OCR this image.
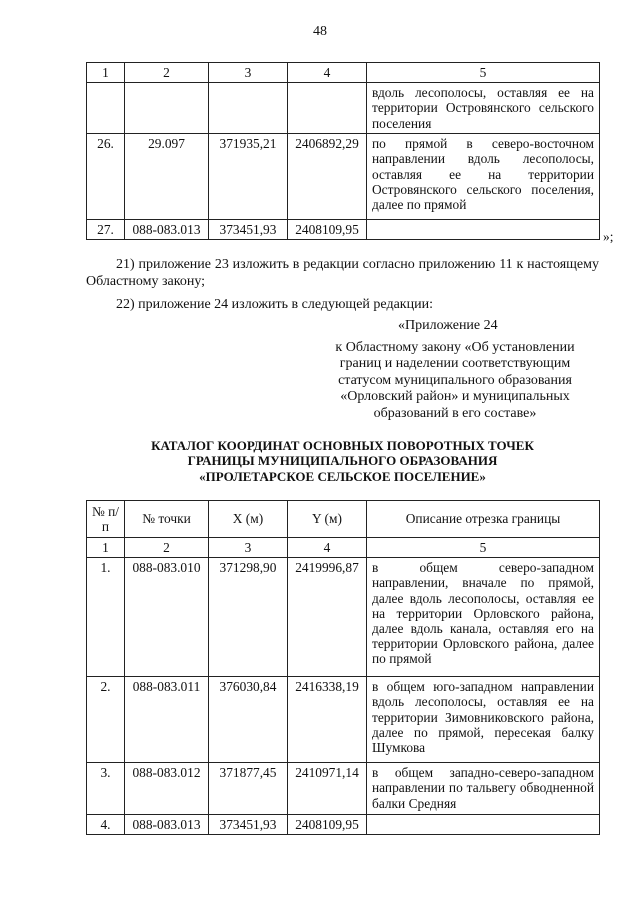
48
1	2	3	4	5
				вдоль лесополосы, оставляя ее на территории Островянского сельского поселения
26.	29.097	371935,21	2406892,29	по прямой в северо-восточном направлении вдоль лесополосы, оставляя ее на территории Островянского сельского поселения, далее по прямой
27.	088-083.013	373451,93	2408109,95		»;
21) приложение 23 изложить в редакции согласно приложению 11 к настоящему Областному закону;
22) приложение 24 изложить в следующей редакции:
«Приложение 24
к Областному закону «Об установлении
границ и наделении соответствующим
статусом муниципального образования
«Орловский район» и муниципальных
образований в его составе»
КАТАЛОГ КООРДИНАТ ОСНОВНЫХ ПОВОРОТНЫХ ТОЧЕК
ГРАНИЦЫ МУНИЦИПАЛЬНОГО ОБРАЗОВАНИЯ
«ПРОЛЕТАРСКОЕ СЕЛЬСКОЕ ПОСЕЛЕНИЕ»
№ п/п	№ точки	X (м)	Y (м)	Описание отрезка границы
1	2	3	4	5
1.	088-083.010	371298,90	2419996,87	в общем северо-западном направлении, вначале по прямой, далее вдоль лесополосы, оставляя ее на территории Орловского района, далее вдоль канала, оставляя его на территории Орловского района, далее по прямой
2.	088-083.011	376030,84	2416338,19	в общем юго-западном направлении вдоль лесополосы, оставляя ее на территории Зимовниковского района, далее по прямой, пересекая балку Шумкова
3.	088-083.012	371877,45	2410971,14	в общем западно-северо-западном направлении по тальвегу обводненной балки Средняя
4.	088-083.013	373451,93	2408109,95	
